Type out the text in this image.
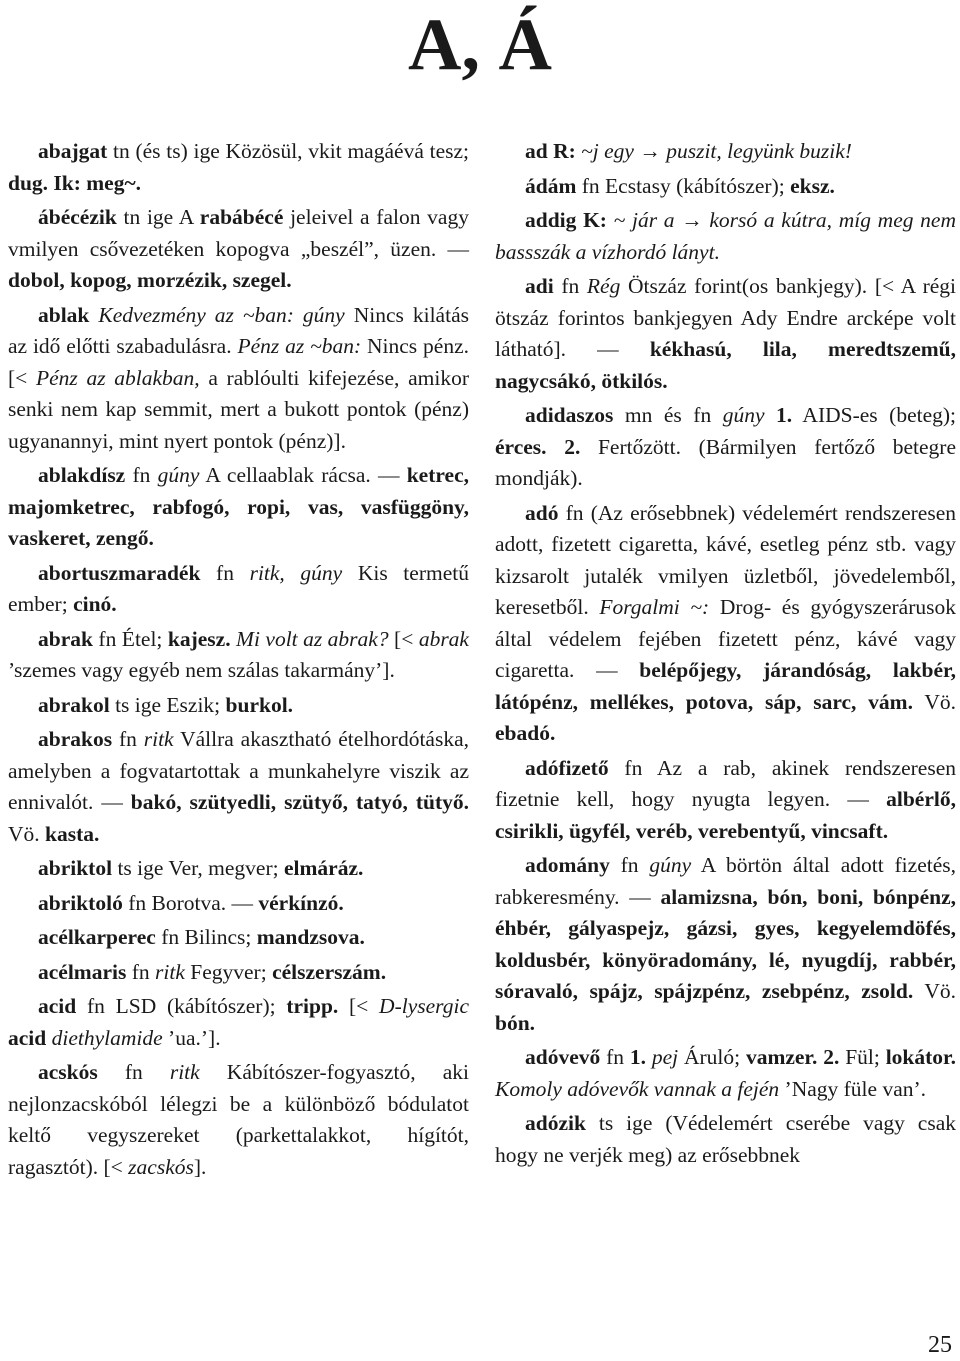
A, Á

abajgat tn (és ts) ige Közösül, vkit magáévá tesz; dug. Ik: meg~.

ábécézik tn ige A rabábécé jeleivel a falon vagy vmilyen csővezetéken kopogva „beszél”, üzen. — dobol, kopog, morzézik, szegel.

ablak Kedvezmény az ~ban: gúny Nincs kilátás az idő előtti szabadulásra. Pénz az ~ban: Nincs pénz. [< Pénz az ablakban, a rablóulti kifejezése, amikor senki nem kap semmit, mert a bukott pontok (pénz) ugyanannyi, mint nyert pontok (pénz)].

ablakdísz fn gúny A cellaablak rácsa. — ketrec, majomketrec, rabfogó, ropi, vas, vasfüggöny, vaskeret, zengő.

abortuszmaradék fn ritk, gúny Kis termetű ember; cinó.

abrak fn Étel; kajesz. Mi volt az abrak? [< abrak ’szemes vagy egyéb nem szálas takarmány’].

abrakol ts ige Eszik; burkol.

abrakos fn ritk Vállra akasztható ételhordótáska, amelyben a fogvatartottak a munkahelyre viszik az ennivalót. — bakó, szütyedli, szütyő, tatyó, tütyő. Vö. kasta.

abriktol ts ige Ver, megver; elmáráz.

abriktoló fn Borotva. — vérkínzó.

acélkarperec fn Bilincs; mandzsova.

acélmaris fn ritk Fegyver; célszerszám.

acid fn LSD (kábítószer); tripp. [< D-lysergic acid diethylamide ’ua.’].

acskós fn ritk Kábítószer-fogyasztó, aki nejlonzacskóból lélegzi be a különböző bódulatot keltő vegyszereket (parkettalakkot, hígítót, ragasztót). [< zacskós].

ad R: ~j egy → puszit, legyünk buzik!

ádám fn Ecstasy (kábítószer); eksz.

addig K: ~ jár a → korsó a kútra, míg meg nem bassszák a vízhordó lányt.

adi fn Rég Ötszáz forint(os bankjegy). [< A régi ötszáz forintos bankjegyen Ady Endre arcképe volt látható]. — kékhasú, lila, meredtszemű, nagycsákó, ötkilós.

adidaszos mn és fn gúny 1. AIDS-es (beteg); érces. 2. Fertőzött. (Bármilyen fertőző betegre mondják).

adó fn (Az erősebbnek) védelemért rendszeresen adott, fizetett cigaretta, kávé, esetleg pénz stb. vagy kizsarolt jutalék vmilyen üzletből, jövedelemből, keresetből. Forgalmi ~: Drog- és gyógyszerárusok által védelem fejében fizetett pénz, kávé vagy cigaretta. — belépőjegy, járandóság, lakbér, látópénz, mellékes, potova, sáp, sarc, vám. Vö. ebadó.

adófizető fn Az a rab, akinek rendszeresen fizetnie kell, hogy nyugta legyen. — albérlő, csirikli, ügyfél, veréb, verebentyű, vincsaft.

adomány fn gúny A börtön által adott fizetés, rabkeresmény. — alamizsna, bón, boni, bónpénz, éhbér, gályaspejz, gázsi, gyes, kegyelemdöfés, koldusbér, könyöradomány, lé, nyugdíj, rabbér, sóravaló, spájz, spájzpénz, zsebpénz, zsold. Vö. bón.

adóvevő fn 1. pej Áruló; vamzer. 2. Fül; lokátor. Komoly adóvevők vannak a fején ’Nagy füle van’.

adózik ts ige (Védelemért cserébe vagy csak hogy ne verjék meg) az erősebbnek

25
